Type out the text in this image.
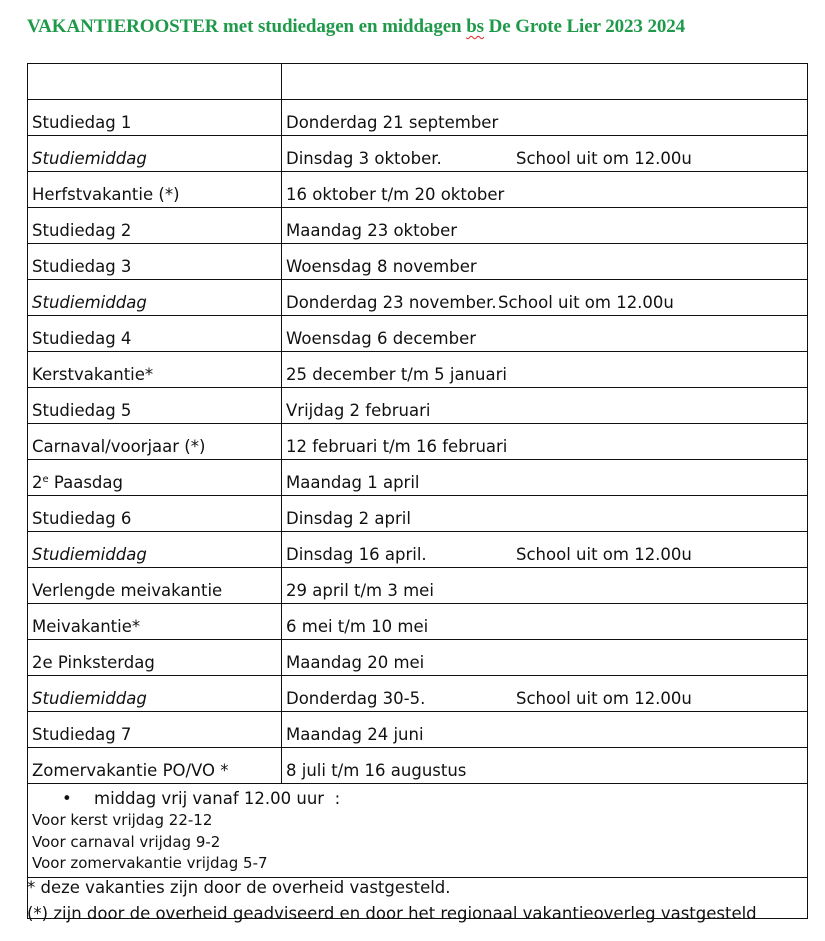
VAKANTIEROOSTER met studiedagen en middagen bs De Grote Lier 2023 2024

Studiedag 1	Donderdag 21 september
Studiemiddag	Dinsdag 3 oktober. School uit om 12.00u

Herfstvakantie (*)	16 oktober t/m 20 oktober
Studiedag 2	Maandag 23 oktober
Studiedag 3	Woensdag 8 november
Studiemiddag	Donderdag 23 november. School uit om 12.00u

Studiedag 4	Woensdag 6 december
Kerstvakantie*	25 december t/m 5 januari
Studiedag 5	Vrijdag 2 februari
Carnaval/voorjaar (*)	12 februari t/m 16 februari
2e Paasdag	Maandag 1 april
Studiedag 6	Dinsdag 2 april
Studiemiddag	Dinsdag 16 april. School uit om 12.00u

Verlengde meivakantie	29 april t/m 3 mei
Meivakantie*	6 mei t/m 10 mei
2e Pinksterdag	Maandag 20 mei
Studiemiddag	Donderdag 30-5. School uit om 12.00u

Studiedag 7	Maandag 24 juni
Zomervakantie PO/VO *	8 juli t/m 16 augustus

• middag vrij vanaf 12.00 uur  :
Voor kerst vrijdag 22-12
Voor carnaval vrijdag 9-2
Voor zomervakantie vrijdag 5-7	

* deze vakanties zijn door de overheid vastgesteld.

(*) zijn door de overheid geadviseerd en door het regionaal vakantieoverleg vastgesteld
